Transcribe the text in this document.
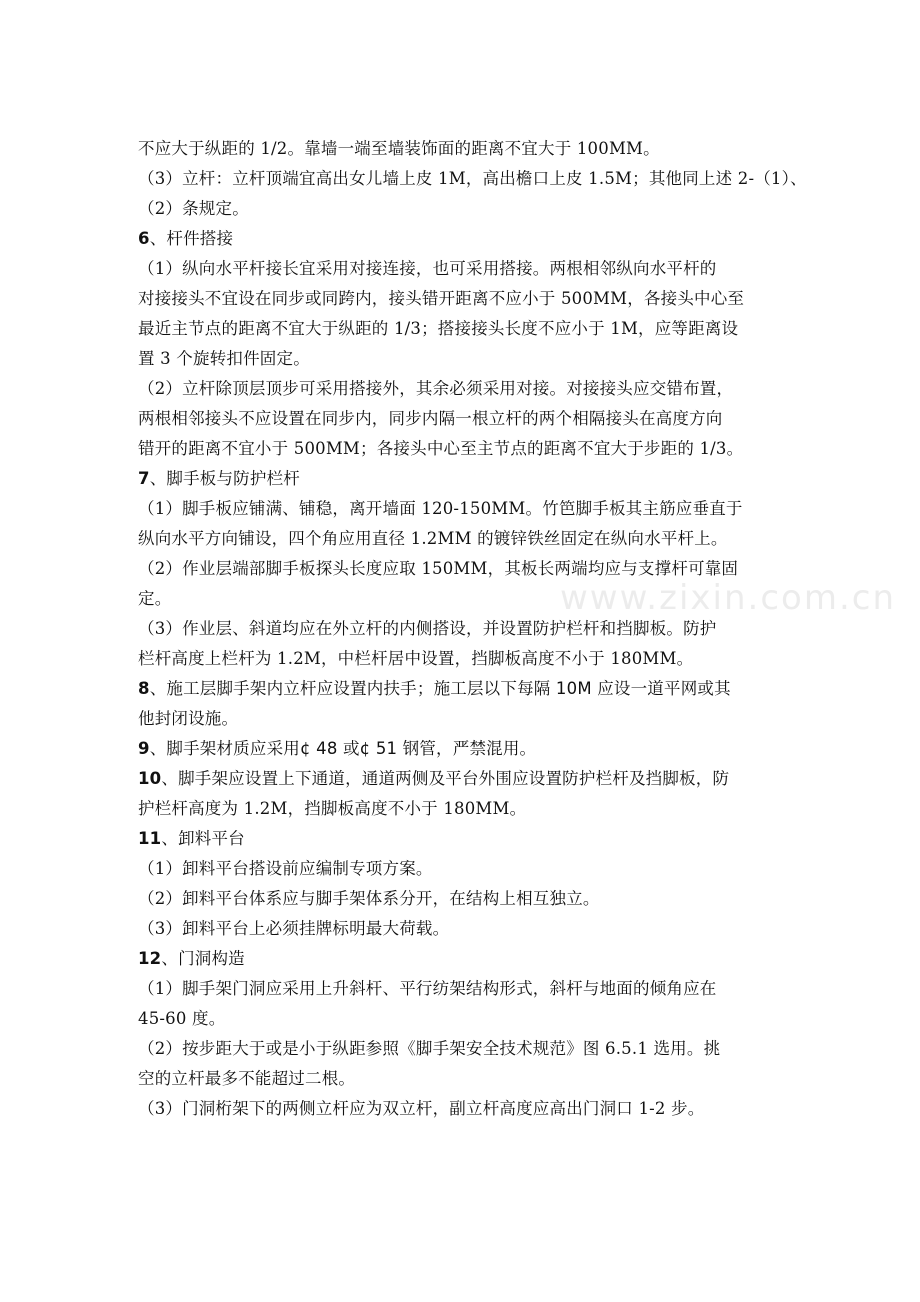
不应大于纵距的 1/2。靠墙一端至墙装饰面的距离不宜大于 100MM。
（3）立杆：立杆顶端宜高出女儿墙上皮 1M，高出檐口上皮 1.5M；其他同上述 2-（1）、
（2）条规定。
6、杆件搭接
（1）纵向水平杆接长宜采用对接连接，也可采用搭接。两根相邻纵向水平杆的
对接接头不宜设在同步或同跨内，接头错开距离不应小于 500MM，各接头中心至
最近主节点的距离不宜大于纵距的 1/3；搭接接头长度不应小于 1M，应等距离设
置 3 个旋转扣件固定。
（2）立杆除顶层顶步可采用搭接外，其余必须采用对接。对接接头应交错布置，
两根相邻接头不应设置在同步内，同步内隔一根立杆的两个相隔接头在高度方向
错开的距离不宜小于 500MM；各接头中心至主节点的距离不宜大于步距的 1/3。
7、脚手板与防护栏杆
（1）脚手板应铺满、铺稳，离开墙面 120-150MM。竹笆脚手板其主筋应垂直于
纵向水平方向铺设，四个角应用直径 1.2MM 的镀锌铁丝固定在纵向水平杆上。
（2）作业层端部脚手板探头长度应取 150MM，其板长两端均应与支撑杆可靠固
定。
（3）作业层、斜道均应在外立杆的内侧搭设，并设置防护栏杆和挡脚板。防护
栏杆高度上栏杆为 1.2M，中栏杆居中设置，挡脚板高度不小于 180MM。
8、施工层脚手架内立杆应设置内扶手；施工层以下每隔 10M 应设一道平网或其
他封闭设施。
9、脚手架材质应采用¢ 48 或¢ 51 钢管，严禁混用。
10、脚手架应设置上下通道，通道两侧及平台外围应设置防护栏杆及挡脚板，防
护栏杆高度为 1.2M，挡脚板高度不小于 180MM。
11、卸料平台
（1）卸料平台搭设前应编制专项方案。
（2）卸料平台体系应与脚手架体系分开，在结构上相互独立。
（3）卸料平台上必须挂牌标明最大荷载。
12、门洞构造
（1）脚手架门洞应采用上升斜杆、平行纺架结构形式，斜杆与地面的倾角应在
45-60 度。
（2）按步距大于或是小于纵距参照《脚手架安全技术规范》图 6.5.1 选用。挑
空的立杆最多不能超过二根。
（3）门洞桁架下的两侧立杆应为双立杆，副立杆高度应高出门洞口 1-2 步。
www.zixin.com.cn
